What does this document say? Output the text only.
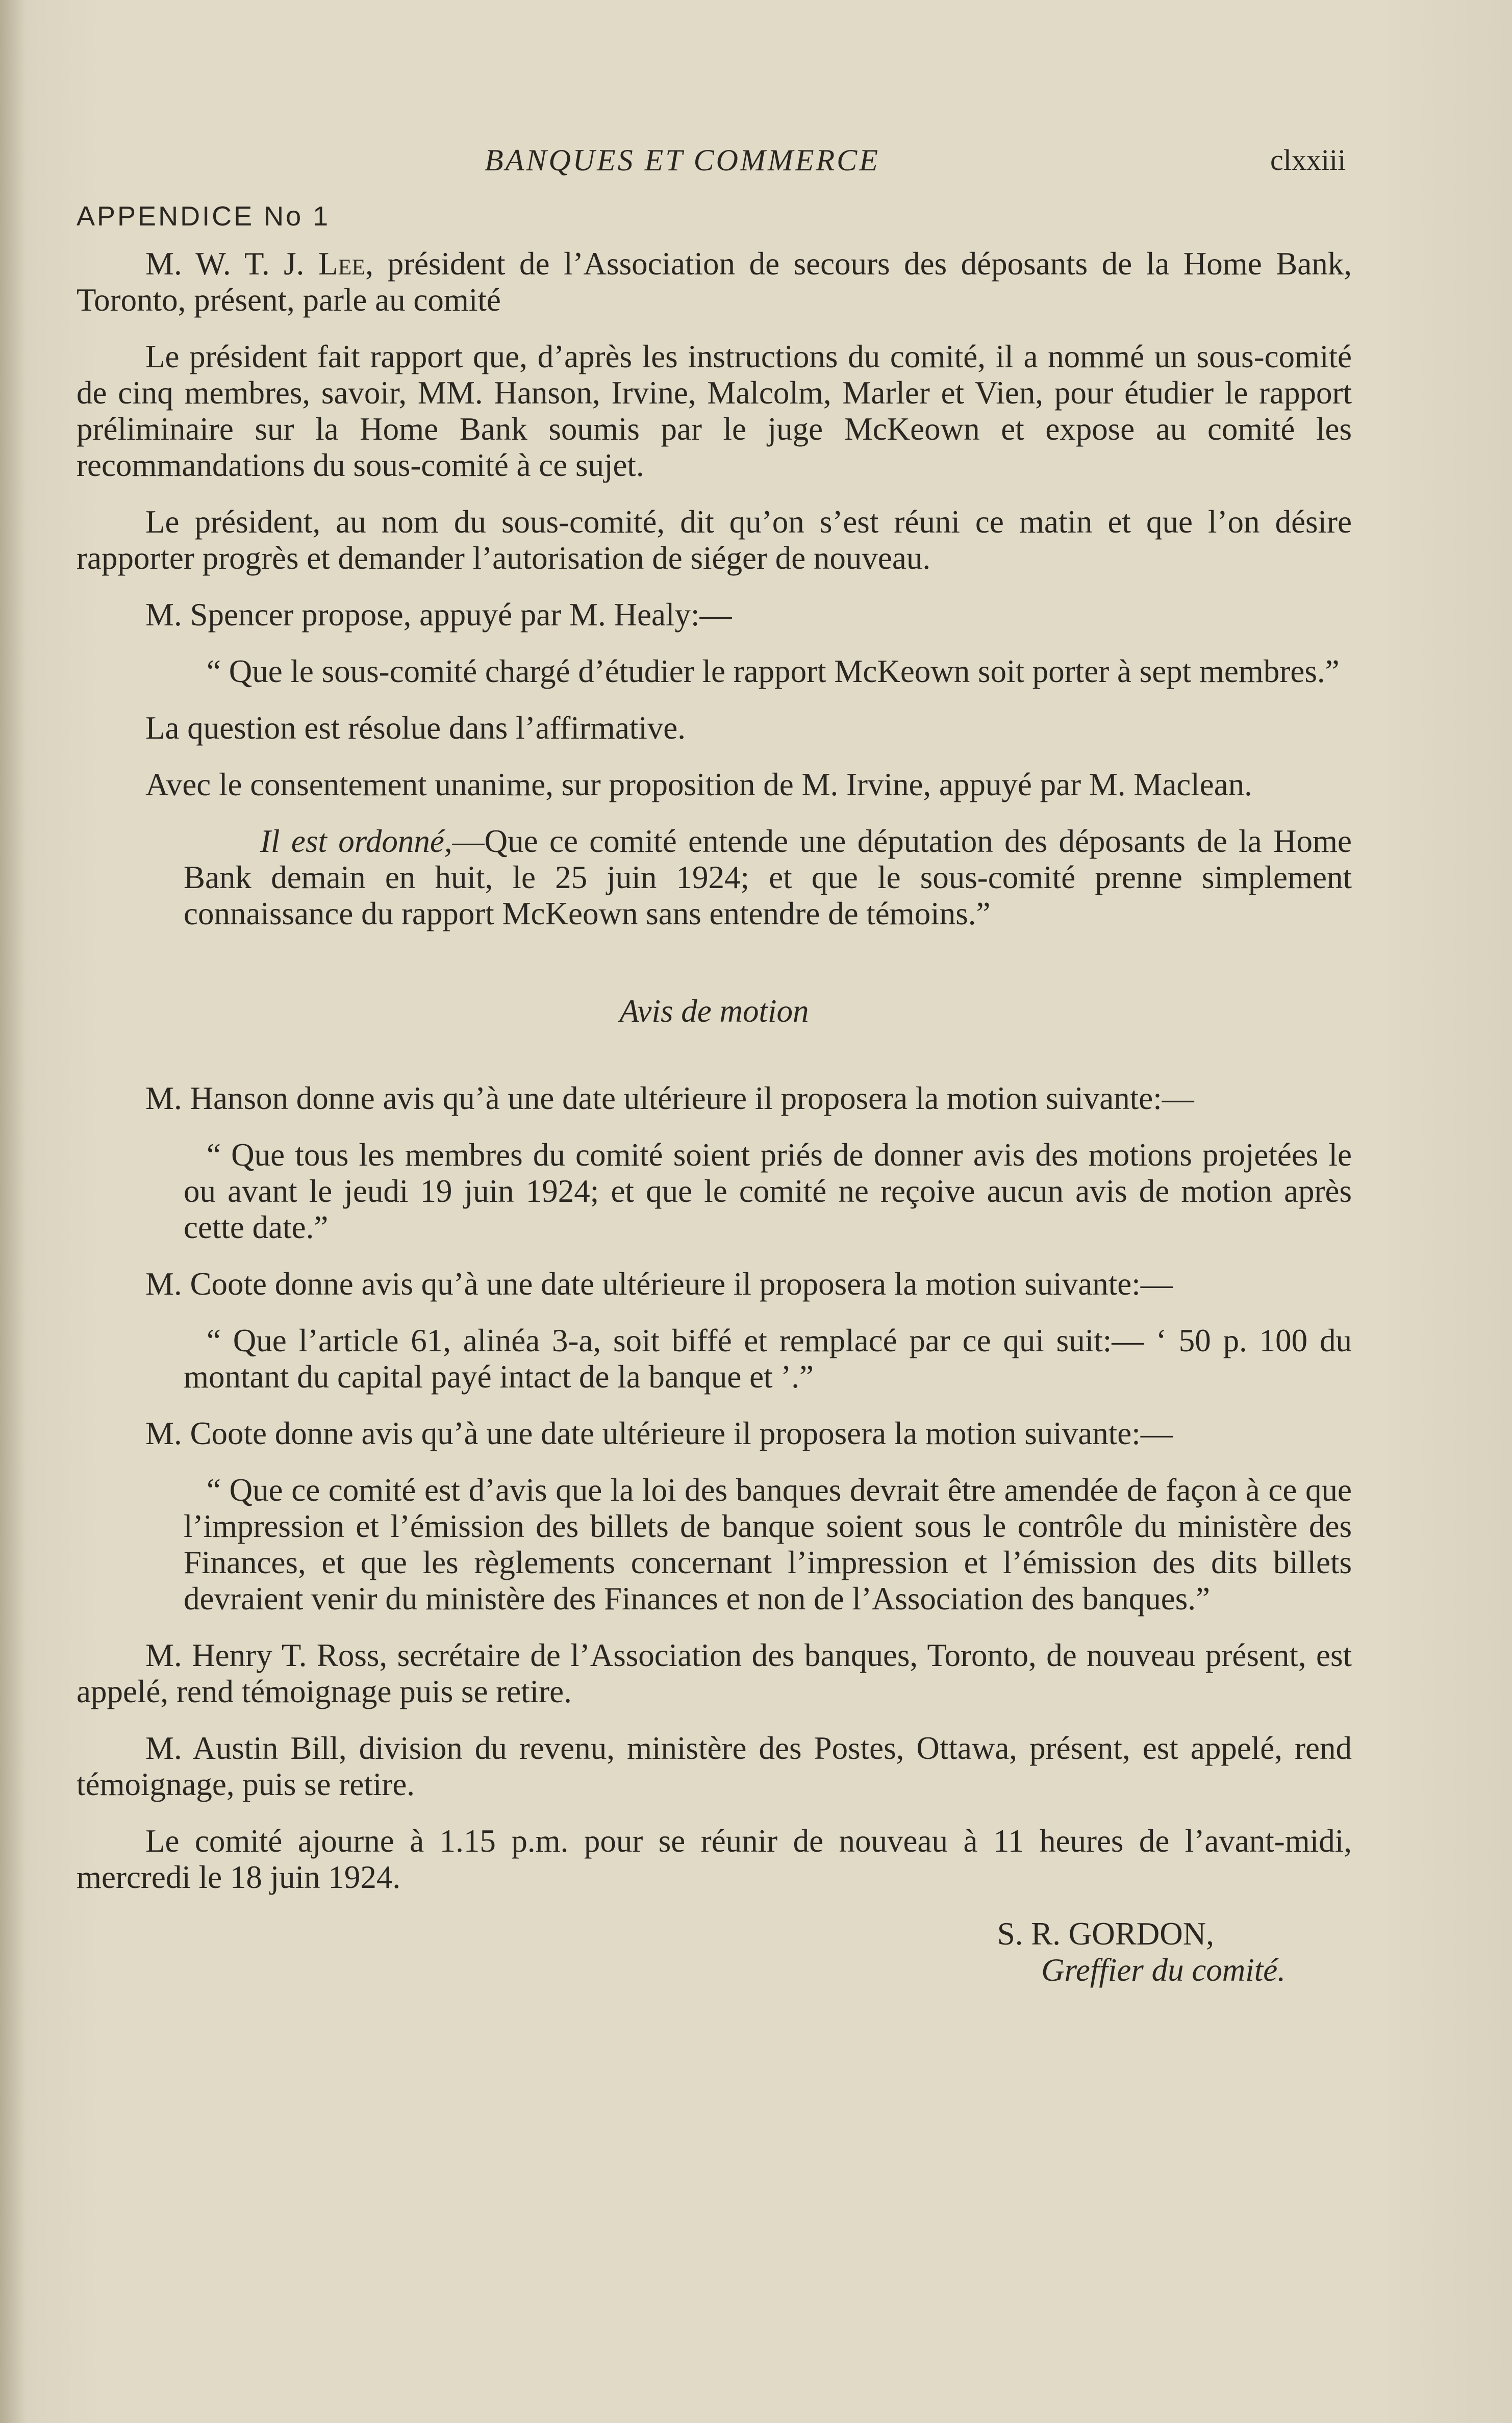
BANQUES ET COMMERCE	clxxiii
APPENDICE No 1

M. W. T. J. Lee, président de l’Association de secours des déposants de la Home Bank, Toronto, présent, parle au comité

Le président fait rapport que, d’après les instructions du comité, il a nommé un sous-comité de cinq membres, savoir, MM. Hanson, Irvine, Malcolm, Marler et Vien, pour étudier le rapport préliminaire sur la Home Bank soumis par le juge McKeown et expose au comité les recommandations du sous-comité à ce sujet.

Le président, au nom du sous-comité, dit qu’on s’est réuni ce matin et que l’on désire rapporter progrès et demander l’autorisation de siéger de nouveau.

M. Spencer propose, appuyé par M. Healy:—

“ Que le sous-comité chargé d’étudier le rapport McKeown soit porter à sept membres.”

La question est résolue dans l’affirmative.

Avec le consentement unanime, sur proposition de M. Irvine, appuyé par M. Maclean.

Il est ordonné,—Que ce comité entende une députation des déposants de la Home Bank demain en huit, le 25 juin 1924; et que le sous-comité prenne simplement connaissance du rapport McKeown sans entendre de témoins.”
Avis de motion

M. Hanson donne avis qu’à une date ultérieure il proposera la motion suivante:—

“ Que tous les membres du comité soient priés de donner avis des motions projetées le ou avant le jeudi 19 juin 1924; et que le comité ne reçoive aucun avis de motion après cette date.”

M. Coote donne avis qu’à une date ultérieure il proposera la motion suivante:—

“ Que l’article 61, alinéa 3-a, soit biffé et remplacé par ce qui suit:— ‘ 50 p. 100 du montant du capital payé intact de la banque et ’.”

M. Coote donne avis qu’à une date ultérieure il proposera la motion suivante:—

“ Que ce comité est d’avis que la loi des banques devrait être amendée de façon à ce que l’impression et l’émission des billets de banque soient sous le contrôle du ministère des Finances, et que les règlements concernant l’impression et l’émission des dits billets devraient venir du ministère des Finances et non de l’Association des banques.”

M. Henry T. Ross, secrétaire de l’Association des banques, Toronto, de nouveau présent, est appelé, rend témoignage puis se retire.

M. Austin Bill, division du revenu, ministère des Postes, Ottawa, présent, est appelé, rend témoignage, puis se retire.

Le comité ajourne à 1.15 p.m. pour se réunir de nouveau à 11 heures de l’avant-midi, mercredi le 18 juin 1924.

S. R. GORDON,
Greffier du comité.
